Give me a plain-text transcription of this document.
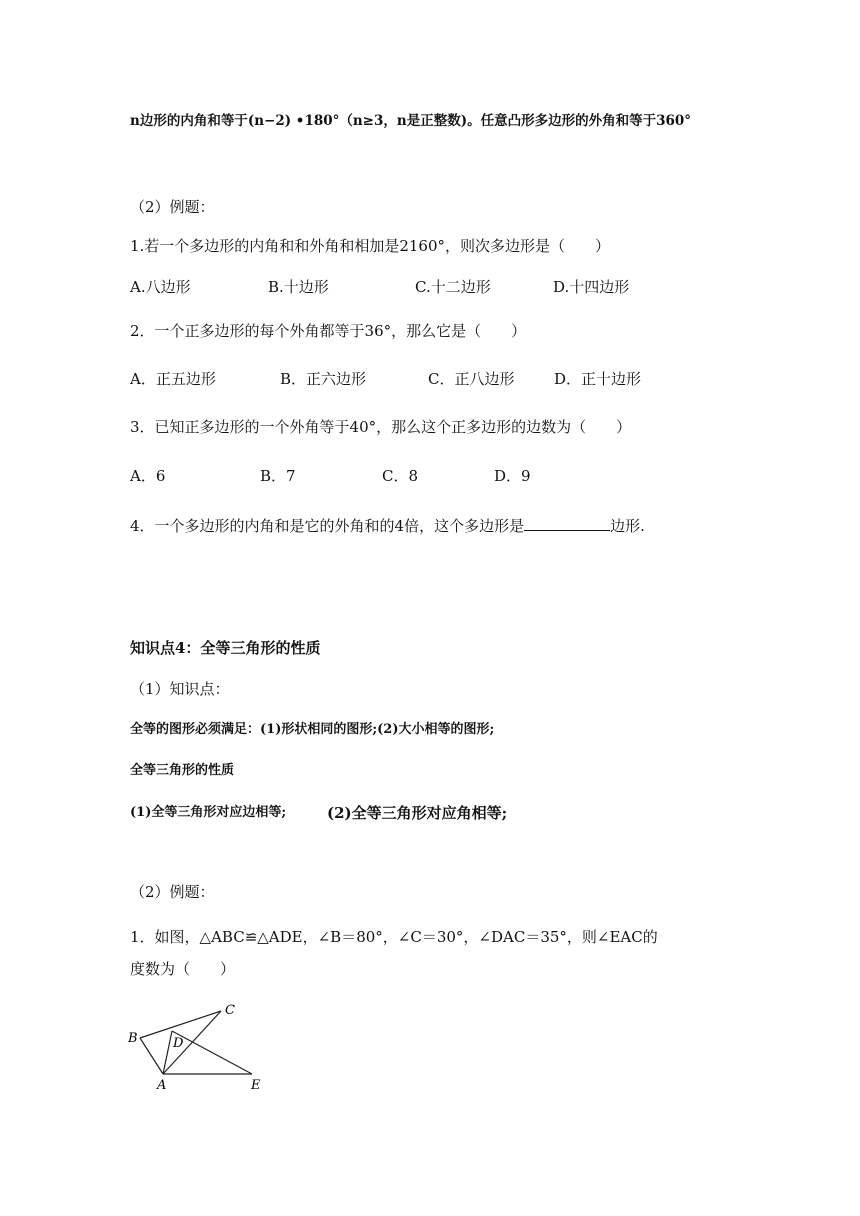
n边形的内角和等于(n−2) •180°（n≥3，n是正整数)。任意凸形多边形的外角和等于360°
（2）例题：
1.若一个多边形的内角和和外角和相加是2160°，则次多边形是（　　）
A.八边形	B.十边形	C.十二边形	D.十四边形
2．一个正多边形的每个外角都等于36°，那么它是（　　）
A．正五边形	B．正六边形	C．正八边形	D．正十边形
3．已知正多边形的一个外角等于40°，那么这个正多边形的边数为（　　）
A．6	B．7	C．8	D．9
4．一个多边形的内角和是它的外角和的4倍，这个多边形是	边形.
知识点4：全等三角形的性质
（1）知识点：
全等的图形必须满足：(1)形状相同的图形;(2)大小相等的图形;
全等三角形的性质
(1)全等三角形对应边相等;	(2)全等三角形对应角相等;
（2）例题：
1．如图，△ABC≌△ADE，∠B＝80°，∠C＝30°，∠DAC＝35°，则∠EAC的
度数为（　　）
B
C
D
A	E
